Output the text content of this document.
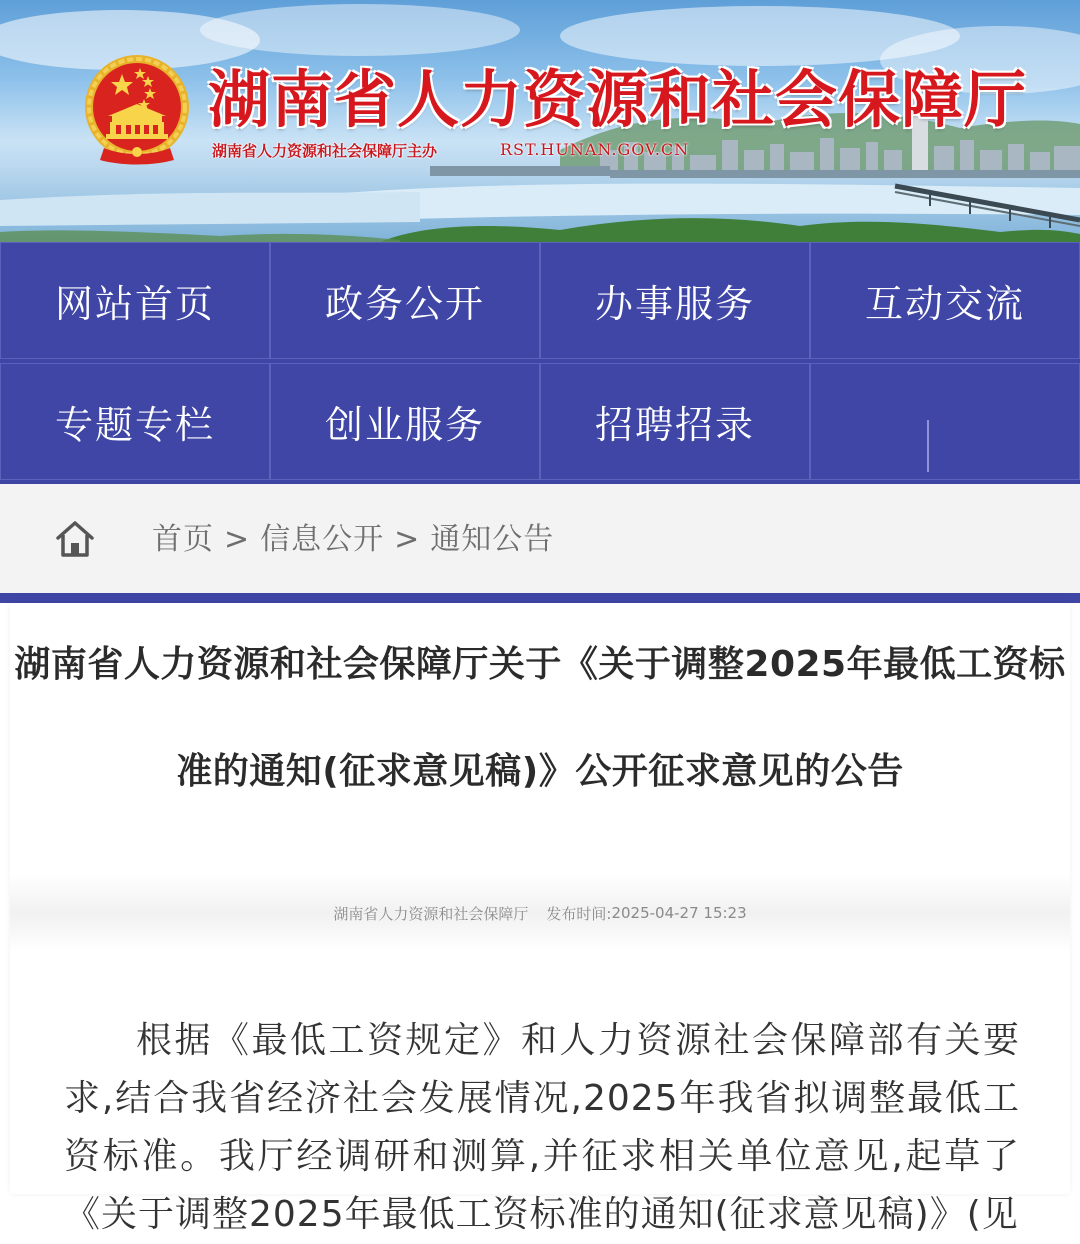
湖南省人力资源和社会保障厅
湖南省人力资源和社会保障厅主办	RST.HUNAN.GOV.CN
网站首页	政务公开	办事服务	互动交流
专题专栏	创业服务	招聘招录
首页 > 信息公开 > 通知公告
湖南省人力资源和社会保障厅关于《关于调整2025年最低工资标准的通知(征求意见稿)》公开征求意见的公告
湖南省人力资源和社会保障厅 发布时间: 2025-04-27 15:23

根据《最低工资规定》和人力资源社会保障部有关要求,结合我省经济社会发展情况,2025年我省拟调整最低工资标准。我厅经调研和测算,并征求相关单位意见,起草了《关于调整2025年最低工资标准的通知(征求意见稿)》(见
